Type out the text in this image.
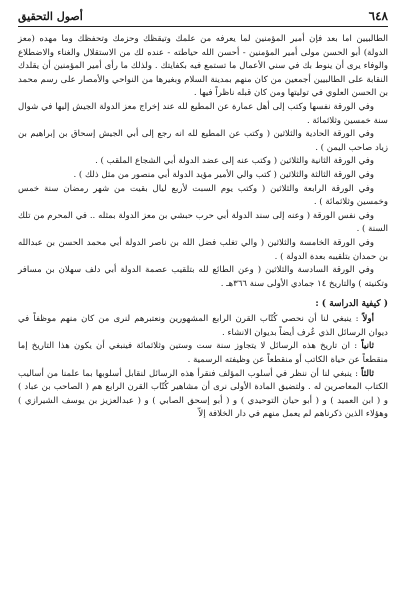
٦٤٨
أصول التحقيق

الطالبيين اما بعد فإن أمير المؤمنين لما يعرفه من علمك وتيقظك وحزمك وتحفظك وما مهده (معز الدولة) أبو الحسن مولى أمير المؤمنين - أحسن الله حياطته - عنده لك من الاستقلال والغناء والاضطلاع والوفاء يرى أن ينوط بك في سني الأعمال ما تستمع فيه بكفايتك . ولذلك ما رأى أمير المؤمنين أن يقلدك النقابة على الطالبيين أجمعين من كان منهم بمدينة السلام وبغيرها من النواحي والأمصار على رسم محمد بن الحسن العلوي في توليتها ومن كان قبله ناظراً فيها .

وفي الورقة نفسها وكتب إلى أهل عمارة عن المطيع لله عند إخراج معز الدولة الجيش إليها في شوال سنة خمسين وثلاثمائة .

وفي الورقة الحادية والثلاثين ( وكتب عن المطيع لله انه رجع إلى أبي الجيش إسحاق بن إبراهيم بن زياد صاحب اليمن ) .

وفي الورقة الثانية والثلاثين ( وكتب عنه إلى عضد الدولة أبي الشجاع الملقب ) .

وفي الورقة الثالثة والثلاثين ( كتب والي الأمير مؤيد الدولة أبي منصور من مثل ذلك ) .

وفي الورقة الرابعة والثلاثين ( وكتب يوم السبت لأربع ليال بقيت من شهر رمضان سنة خمس وخمسين وثلاثمائة ) .

وفي نفس الورقة ( وعنه إلى سند الدولة أبي حرب حبشي بن معز الدولة بمثله .. في المحرم من تلك السنة ) .

وفي الورقة الخامسة والثلاثين ( والي تغلب فضل الله بن ناصر الدولة أبي محمد الحسن بن عبدالله بن حمدان بتلقيبه بعدة الدولة ) .

وفي الورقة السادسة والثلاثين ( وعن الطائع لله بتلقيب عصمة الدولة أبي دلف سهلان بن مسافر وتكنيته ) والتاريخ ١٤ جمادي الأولى سنة ٣٦٦هـ .

( كيفية الدراسة ) :

أولاً : ينبغي لنا أن نحصي كُتّاب القرن الرابع المشهورين ونعتبرهم لنرى من كان منهم موظفاً في ديوان الرسائل الذي عُرف أيضاً بديوان الانشاء .

ثانياً : ان تاريخ هذه الرسائل لا يتجاوز سنة ست وستين وثلاثمائة فينبغي أن يكون هذا التاريخ إما منقطعاً عن حياة الكاتب أو منقطعاً عن وظيفته الرسمية .

ثالثاً : ينبغي لنا أن ننظر في أسلوب المؤلف فنقرأ هذه الرسائل لنقابل أسلوبها بما علمنا من أساليب الكتاب المعاصرين له . ولتضيق المادة الأولى نرى أن مشاهير كُتّاب القرن الرابع هم ( الصاحب بن عباد ) و ( ابن العميد ) و ( أبو حيان التوحيدي ) و ( أبو إسحق الصابي ) و ( عبدالعزيز بن يوسف الشيرازي ) وهؤلاء الذين ذكرناهم لم يعمل منهم في دار الخلافة إلاّ
